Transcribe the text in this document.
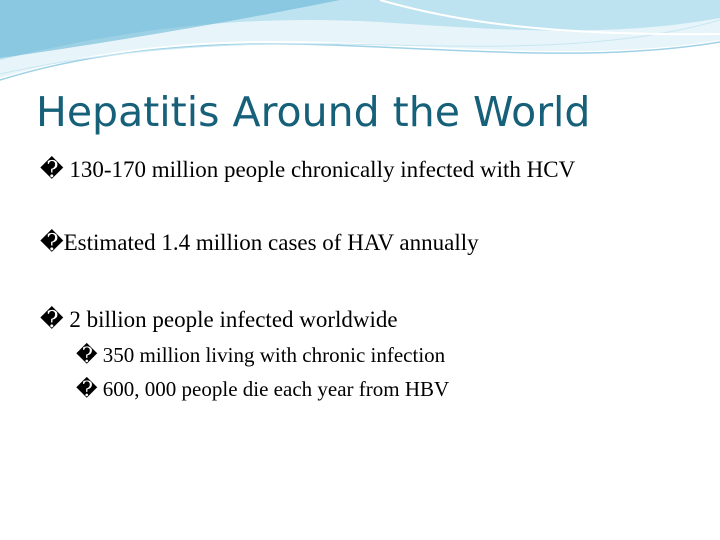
Hepatitis Around the World
� 130-170 million people chronically infected with HCV
�Estimated 1.4 million cases of HAV annually
� 2 billion people infected worldwide
� 350 million living with chronic infection
� 600, 000 people die each year from HBV
